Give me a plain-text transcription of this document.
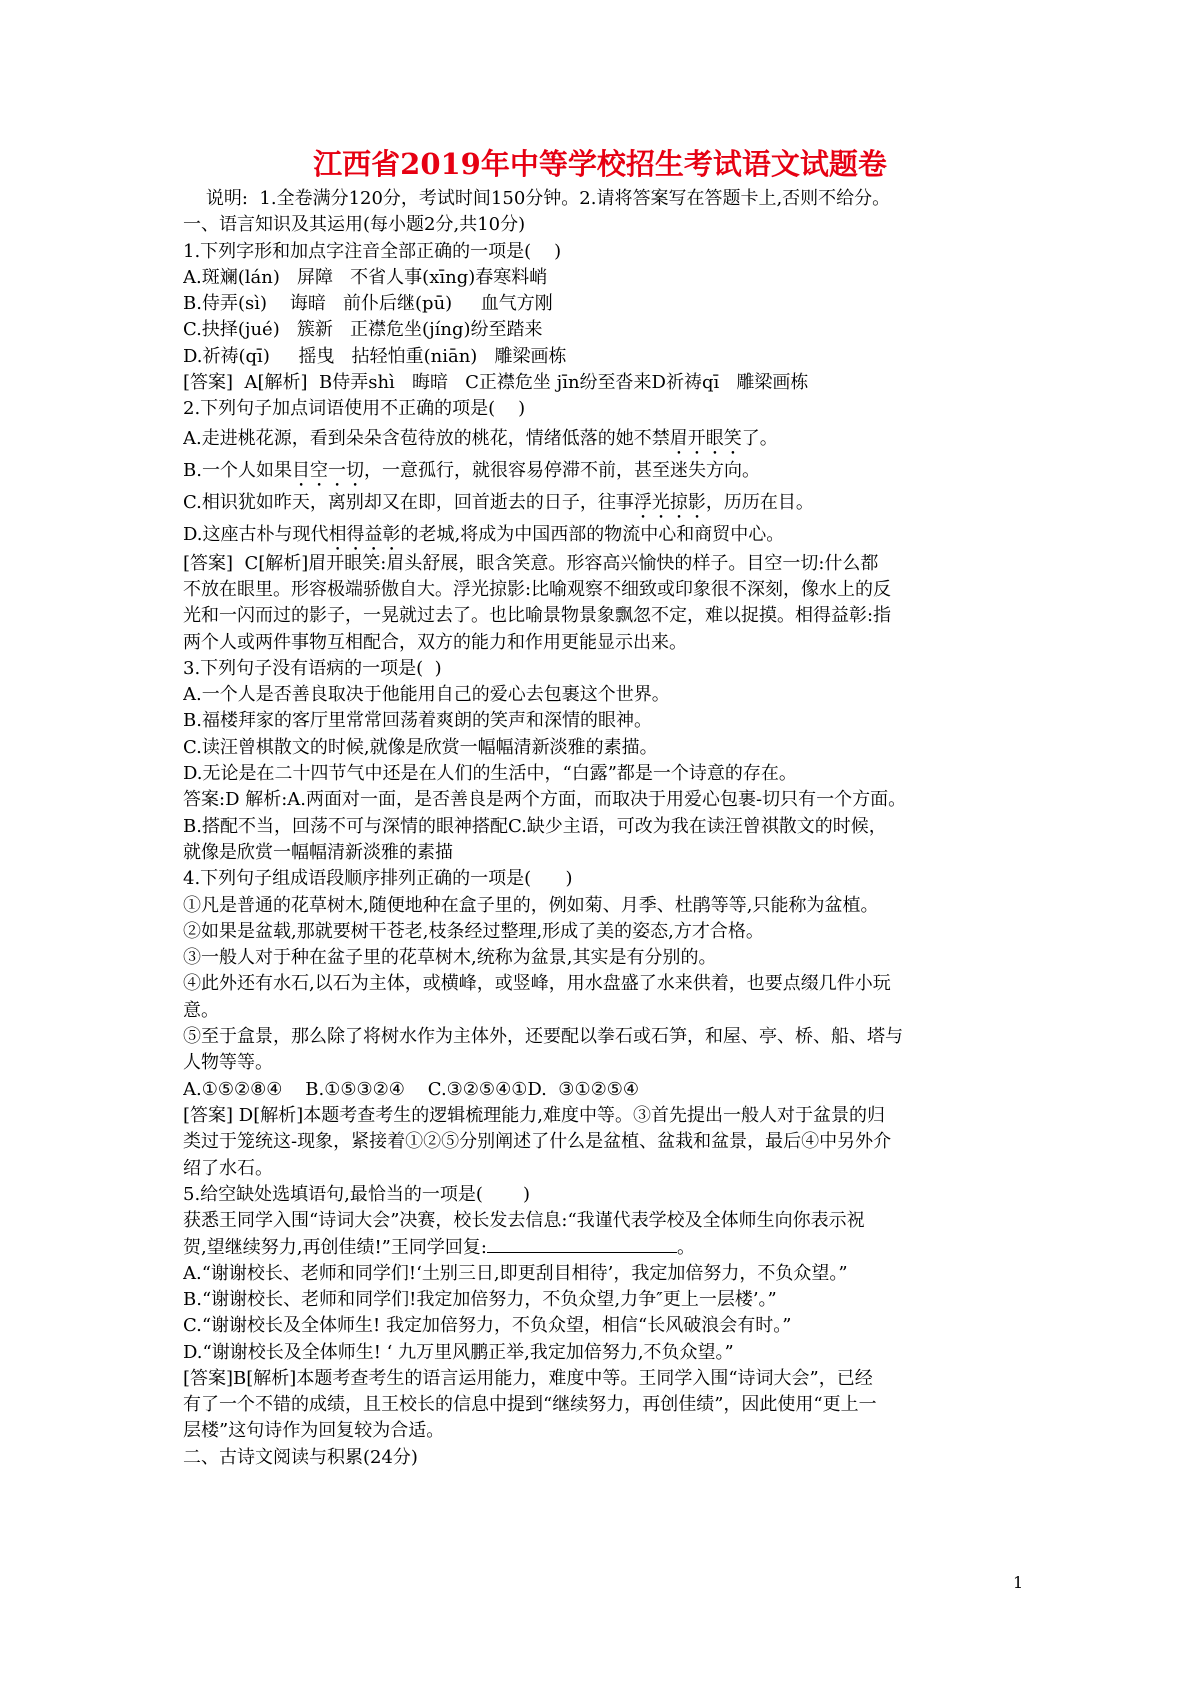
江西省2019年中等学校招生考试语文试题卷
说明:  1.全卷满分120分，考试时间150分钟。2.请将答案写在答题卡上,否则不给分。
一、语言知识及其运用(每小题2分,共10分)
1.下列字形和加点字注音全部正确的一项是(    )
A.斑斓(lán)   屏障   不省人事(xīng)春寒料峭
B.侍弄(sì)    诲暗   前仆后继(pū)     血气方刚
C.抉择(jué)   簇新   正襟危坐(jíng)纷至踏来
D.祈祷(qī)     摇曳   拈轻怕重(niān)   雕梁画栋
[答案]  A[解析]  B侍弄shì   晦暗   C正襟危坐 jīn纷至沓来D祈祷qī   雕梁画栋
2.下列句子加点词语使用不正确的项是(    )
A.走进桃花源，看到朵朵含苞待放的桃花，情绪低落的她不禁眉开眼笑了。
B.一个人如果目空一切，一意孤行，就很容易停滞不前，甚至迷失方向。
C.相识犹如昨天，离别却又在即，回首逝去的日子，往事浮光掠影，历历在目。
D.这座古朴与现代相得益彰的老城,将成为中国西部的物流中心和商贸中心。
[答案]  C[解析]眉开眼笑:眉头舒展，眼含笑意。形容高兴愉快的样子。目空一切:什么都
不放在眼里。形容极端骄傲自大。浮光掠影:比喻观察不细致或印象很不深刻，像水上的反
光和一闪而过的影子，一晃就过去了。也比喻景物景象飘忽不定，难以捉摸。相得益彰:指
两个人或两件事物互相配合，双方的能力和作用更能显示出来。
3.下列句子没有语病的一项是(  )
A.一个人是否善良取决于他能用自己的爱心去包裹这个世界。
B.福楼拜家的客厅里常常回荡着爽朗的笑声和深情的眼神。
C.读汪曾棋散文的时候,就像是欣赏一幅幅清新淡雅的素描。
D.无论是在二十四节气中还是在人们的生活中，“白露”都是一个诗意的存在。
答案:D 解析:A.两面对一面，是否善良是两个方面，而取决于用爱心包裹-切只有一个方面。
B.搭配不当，回荡不可与深情的眼神搭配C.缺少主语，可改为我在读汪曾祺散文的时候，
就像是欣赏一幅幅清新淡雅的素描
4.下列句子组成语段顺序排列正确的一项是(      )
①凡是普通的花草树木,随便地种在盒子里的，例如菊、月季、杜鹃等等,只能称为盆植。
②如果是盆载,那就要树干苍老,枝条经过整理,形成了美的姿态,方才合格。
③一般人对于种在盆子里的花草树木,统称为盆景,其实是有分别的。
④此外还有水石,以石为主体，或横峰，或竖峰，用水盘盛了水来供着，也要点缀几件小玩
意。
⑤至于盒景，那么除了将树水作为主体外，还要配以拳石或石笋，和屋、亭、桥、船、塔与
人物等等。
A.①⑤②⑧④    B.①⑤③②④    C.③②⑤④①D.  ③①②⑤④
[答案] D[解析]本题考查考生的逻辑梳理能力,难度中等。③首先提出一般人对于盆景的归
类过于笼统这-现象，紧接着①②⑤分别阐述了什么是盆植、盆栽和盆景，最后④中另外介
绍了水石。
5.给空缺处选填语句,最恰当的一项是(       )
获悉王同学入围“诗词大会”决赛，校长发去信息:“我谨代表学校及全体师生向你表示祝
贺,望继续努力,再创佳绩!”王同学回复:	。
A.“谢谢校长、老师和同学们!‘土别三日,即更刮目相待’，我定加倍努力，不负众望。”
B.“谢谢校长、老师和同学们!我定加倍努力，不负众望,力争″更上一层楼’。”
C.“谢谢校长及全体师生! 我定加倍努力，不负众望，相信“长风破浪会有时。”
D.“谢谢校长及全体师生! ‘ 九万里风鹏正举,我定加倍努力,不负众望。”
[答案]B[解析]本题考查考生的语言运用能力，难度中等。王同学入围“诗词大会”，已经
有了一个不错的成绩，且王校长的信息中提到“继续努力，再创佳绩”，因此使用“更上一
层楼”这句诗作为回复较为合适。
二、古诗文阅读与积累(24分)
1
